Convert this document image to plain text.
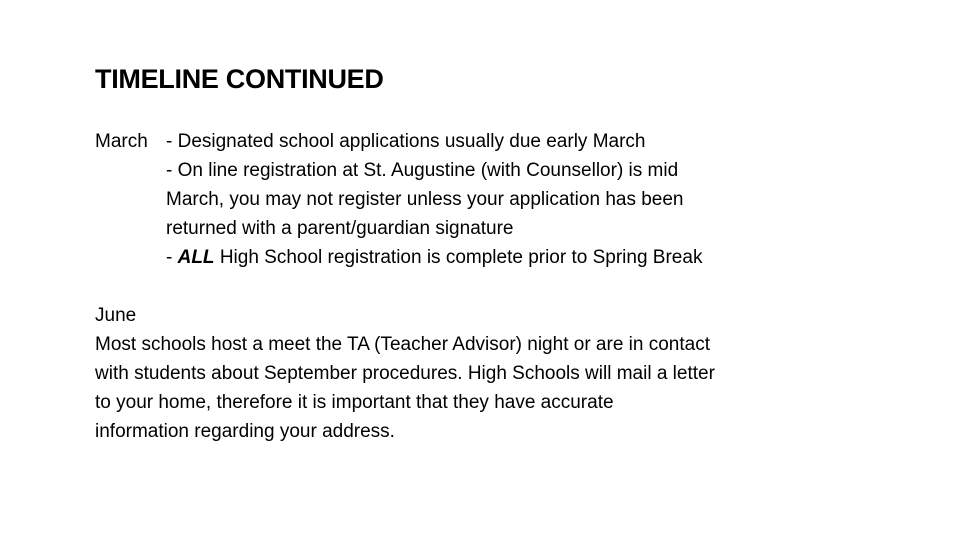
TIMELINE CONTINUED
March - Designated school applications usually due early March
- On line registration at St. Augustine (with Counsellor) is mid
March, you may not register unless your application has been
returned with a parent/guardian signature
- ALL High School registration is complete prior to Spring Break
June
Most schools host a meet the TA (Teacher Advisor) night or are in contact
with students about September procedures. High Schools will mail a letter
to your home, therefore it is important that they have accurate
information regarding your address.
